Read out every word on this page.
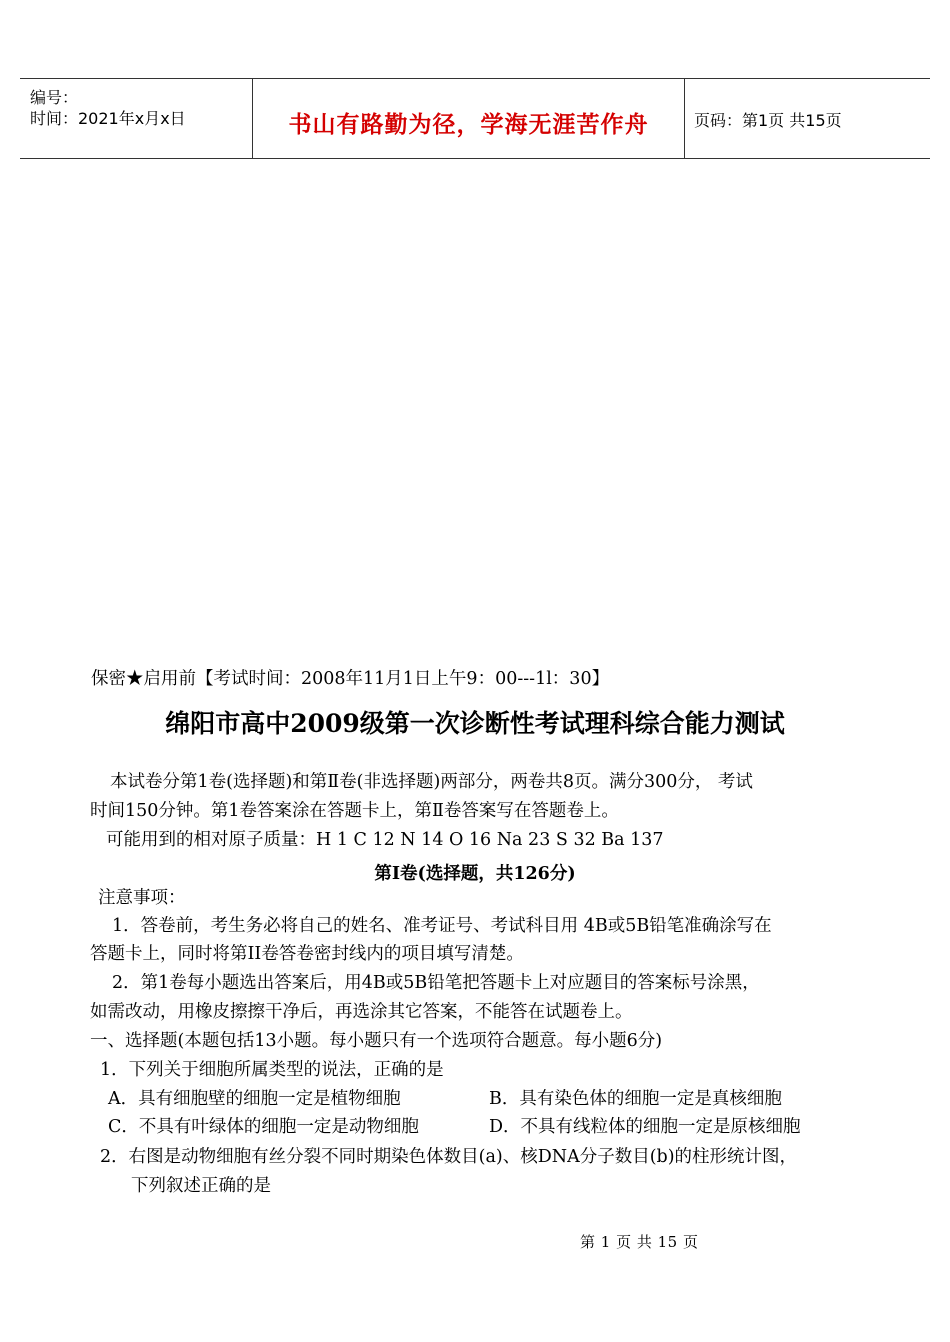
编号：
时间：2021年x月x日	书山有路勤为径，学海无涯苦作舟	页码：第1页 共15页
保密★启用前【考试时间：2008年11月1日上午9：00---1l：30】
绵阳市高中2009级第一次诊断性考试理科综合能力测试
本试卷分第1卷(选择题)和第Ⅱ卷(非选择题)两部分，两卷共8页。满分300分， 考试
时间150分钟。第1卷答案涂在答题卡上，第Ⅱ卷答案写在答题卷上。
可能用到的相对原子质量：H 1 C 12 N 14 O 16 Na 23 S 32 Ba 137
第Ⅰ卷(选择题，共126分)
注意事项：
1．答卷前，考生务必将自己的姓名、准考证号、考试科目用 4B或5B铅笔准确涂写在
答题卡上，同时将第II卷答卷密封线内的项目填写清楚。
2．第1卷每小题选出答案后，用4B或5B铅笔把答题卡上对应题目的答案标号涂黑，
如需改动，用橡皮擦擦干净后，再选涂其它答案，不能答在试题卷上。
一、选择题(本题包括13小题。每小题只有一个选项符合题意。每小题6分)
1．下列关于细胞所属类型的说法，正确的是
A．具有细胞壁的细胞一定是植物细胞	B．具有染色体的细胞一定是真核细胞
C．不具有叶绿体的细胞一定是动物细胞	D．不具有线粒体的细胞一定是原核细胞
2．右图是动物细胞有丝分裂不同时期染色体数目(a)、核DNA分子数目(b)的柱形统计图，
下列叙述正确的是
第 1 页 共 15 页
